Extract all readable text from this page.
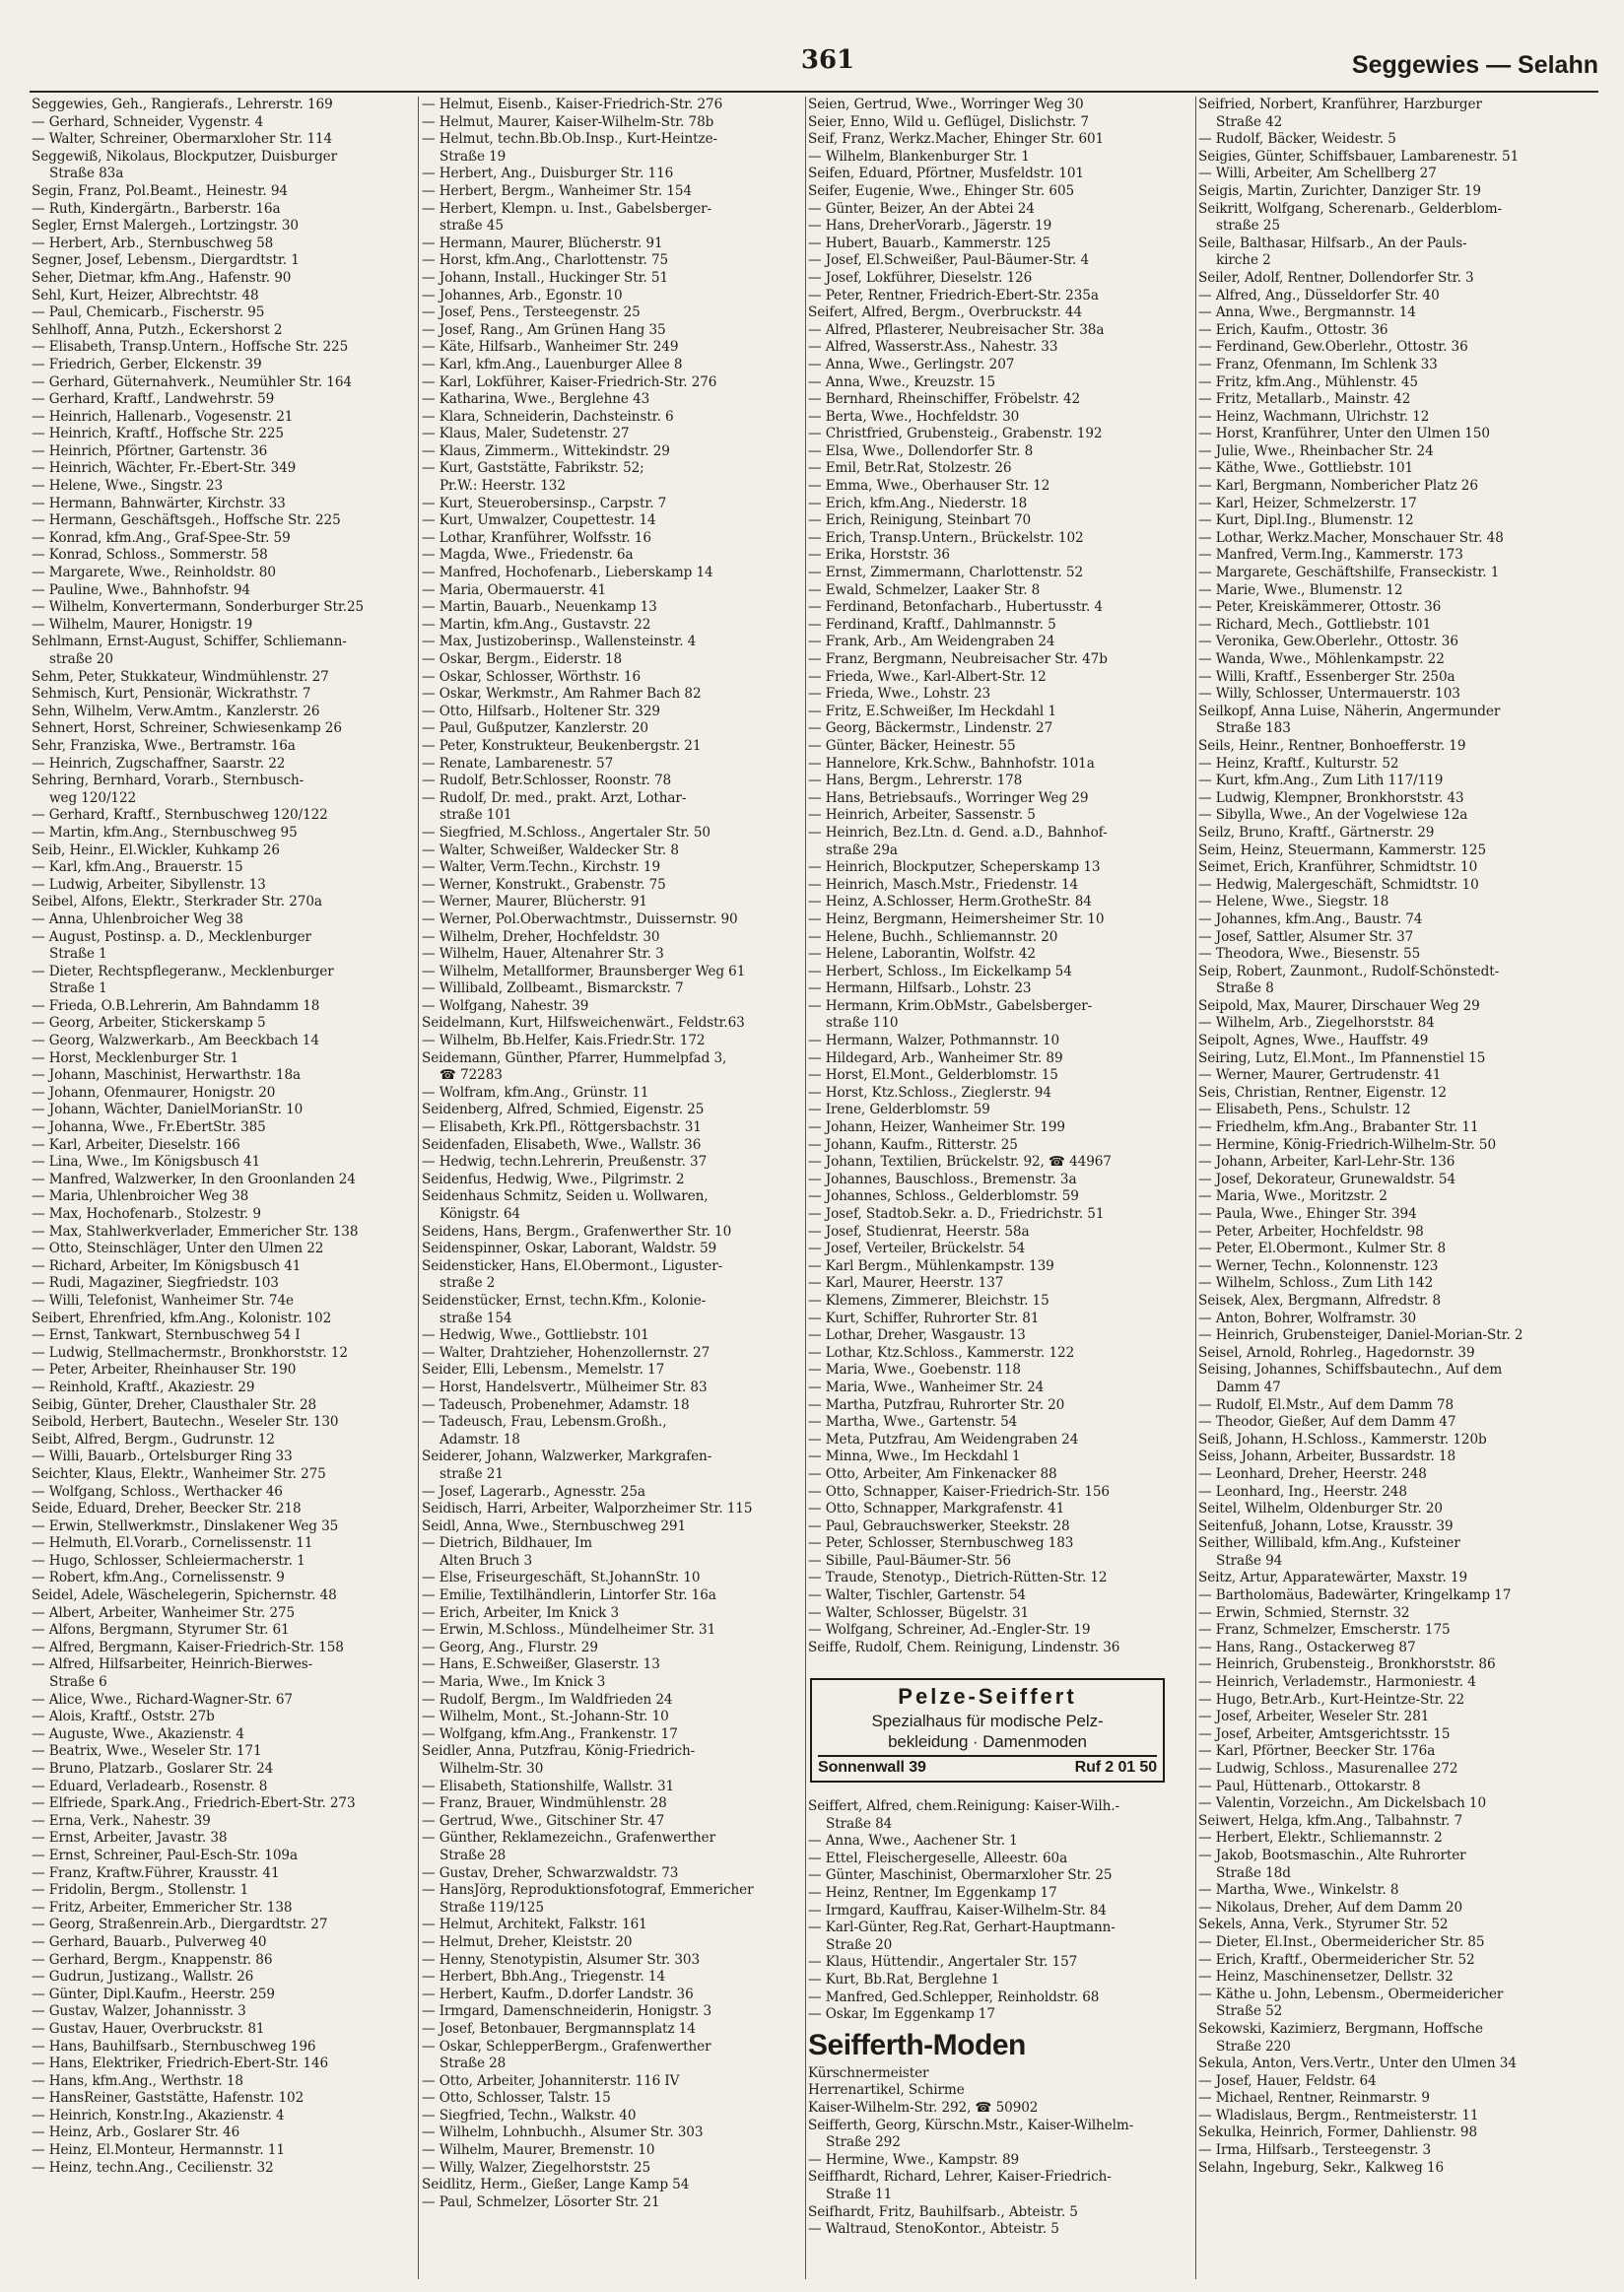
361	Seggewies — Selahn
Seggewies, Geh., Rangierafs., Lehrerstr. 169
— Gerhard, Schneider, Vygenstr. 4
— Walter, Schreiner, Obermarxloher Str. 114
Seggewiß, Nikolaus, Blockputzer, Duisburger
Straße 83a
Segin, Franz, Pol.Beamt., Heinestr. 94
— Ruth, Kindergärtn., Barberstr. 16a
Segler, Ernst Malergeh., Lortzingstr. 30
— Herbert, Arb., Sternbuschweg 58
Segner, Josef, Lebensm., Diergardtstr. 1
Seher, Dietmar, kfm.Ang., Hafenstr. 90
Sehl, Kurt, Heizer, Albrechtstr. 48
— Paul, Chemicarb., Fischerstr. 95
Sehlhoff, Anna, Putzh., Eckershorst 2
— Elisabeth, Transp.Untern., Hoffsche Str. 225
— Friedrich, Gerber, Elckenstr. 39
— Gerhard, Güternahverk., Neumühler Str. 164
— Gerhard, Kraftf., Landwehrstr. 59
— Heinrich, Hallenarb., Vogesenstr. 21
— Heinrich, Kraftf., Hoffsche Str. 225
— Heinrich, Pförtner, Gartenstr. 36
— Heinrich, Wächter, Fr.-Ebert-Str. 349
— Helene, Wwe., Singstr. 23
— Hermann, Bahnwärter, Kirchstr. 33
— Hermann, Geschäftsgeh., Hoffsche Str. 225
— Konrad, kfm.Ang., Graf-Spee-Str. 59
— Konrad, Schloss., Sommerstr. 58
— Margarete, Wwe., Reinholdstr. 80
— Pauline, Wwe., Bahnhofstr. 94
— Wilhelm, Konvertermann, Sonderburger Str.25
— Wilhelm, Maurer, Honigstr. 19
Sehlmann, Ernst-August, Schiffer, Schliemann-
straße 20
Sehm, Peter, Stukkateur, Windmühlenstr. 27
Sehmisch, Kurt, Pensionär, Wickrathstr. 7
Sehn, Wilhelm, Verw.Amtm., Kanzlerstr. 26
Sehnert, Horst, Schreiner, Schwiesenkamp 26
Sehr, Franziska, Wwe., Bertramstr. 16a
— Heinrich, Zugschaffner, Saarstr. 22
Sehring, Bernhard, Vorarb., Sternbusch-
weg 120/122
— Gerhard, Kraftf., Sternbuschweg 120/122
— Martin, kfm.Ang., Sternbuschweg 95
Seib, Heinr., El.Wickler, Kuhkamp 26
— Karl, kfm.Ang., Brauerstr. 15
— Ludwig, Arbeiter, Sibyllenstr. 13
Seibel, Alfons, Elektr., Sterkrader Str. 270a
— Anna, Uhlenbroicher Weg 38
— August, Postinsp. a. D., Mecklenburger
Straße 1
— Dieter, Rechtspflegeranw., Mecklenburger
Straße 1
— Frieda, O.B.Lehrerin, Am Bahndamm 18
— Georg, Arbeiter, Stickerskamp 5
— Georg, Walzwerkarb., Am Beeckbach 14
— Horst, Mecklenburger Str. 1
— Johann, Maschinist, Herwarthstr. 18a
— Johann, Ofenmaurer, Honigstr. 20
— Johann, Wächter, DanielMorianStr. 10
— Johanna, Wwe., Fr.EbertStr. 385
— Karl, Arbeiter, Dieselstr. 166
— Lina, Wwe., Im Königsbusch 41
— Manfred, Walzwerker, In den Groonlanden 24
— Maria, Uhlenbroicher Weg 38
— Max, Hochofenarb., Stolzestr. 9
— Max, Stahlwerkverlader, Emmericher Str. 138
— Otto, Steinschläger, Unter den Ulmen 22
— Richard, Arbeiter, Im Königsbusch 41
— Rudi, Magaziner, Siegfriedstr. 103
— Willi, Telefonist, Wanheimer Str. 74e
Seibert, Ehrenfried, kfm.Ang., Kolonistr. 102
— Ernst, Tankwart, Sternbuschweg 54 I
— Ludwig, Stellmachermstr., Bronkhorststr. 12
— Peter, Arbeiter, Rheinhauser Str. 190
— Reinhold, Kraftf., Akaziestr. 29
Seibig, Günter, Dreher, Clausthaler Str. 28
Seibold, Herbert, Bautechn., Weseler Str. 130
Seibt, Alfred, Bergm., Gudrunstr. 12
— Willi, Bauarb., Ortelsburger Ring 33
Seichter, Klaus, Elektr., Wanheimer Str. 275
— Wolfgang, Schloss., Werthacker 46
Seide, Eduard, Dreher, Beecker Str. 218
— Erwin, Stellwerkmstr., Dinslakener Weg 35
— Helmuth, El.Vorarb., Cornelissenstr. 11
— Hugo, Schlosser, Schleiermacherstr. 1
— Robert, kfm.Ang., Cornelissenstr. 9
Seidel, Adele, Wäschelegerin, Spichernstr. 48
— Albert, Arbeiter, Wanheimer Str. 275
— Alfons, Bergmann, Styrumer Str. 61
— Alfred, Bergmann, Kaiser-Friedrich-Str. 158
— Alfred, Hilfsarbeiter, Heinrich-Bierwes-
Straße 6
— Alice, Wwe., Richard-Wagner-Str. 67
— Alois, Kraftf., Oststr. 27b
— Auguste, Wwe., Akazienstr. 4
— Beatrix, Wwe., Weseler Str. 171
— Bruno, Platzarb., Goslarer Str. 24
— Eduard, Verladearb., Rosenstr. 8
— Elfriede, Spark.Ang., Friedrich-Ebert-Str. 273
— Erna, Verk., Nahestr. 39
— Ernst, Arbeiter, Javastr. 38
— Ernst, Schreiner, Paul-Esch-Str. 109a
— Franz, Kraftw.Führer, Krausstr. 41
— Fridolin, Bergm., Stollenstr. 1
— Fritz, Arbeiter, Emmericher Str. 138
— Georg, Straßenrein.Arb., Diergardtstr. 27
— Gerhard, Bauarb., Pulverweg 40
— Gerhard, Bergm., Knappenstr. 86
— Gudrun, Justizang., Wallstr. 26
— Günter, Dipl.Kaufm., Heerstr. 259
— Gustav, Walzer, Johannisstr. 3
— Gustav, Hauer, Overbruckstr. 81
— Hans, Bauhilfsarb., Sternbuschweg 196
— Hans, Elektriker, Friedrich-Ebert-Str. 146
— Hans, kfm.Ang., Werthstr. 18
— HansReiner, Gaststätte, Hafenstr. 102
— Heinrich, Konstr.Ing., Akazienstr. 4
— Heinz, Arb., Goslarer Str. 46
— Heinz, El.Monteur, Hermannstr. 11
— Heinz, techn.Ang., Cecilienstr. 32
— Helmut, Eisenb., Kaiser-Friedrich-Str. 276
— Helmut, Maurer, Kaiser-Wilhelm-Str. 78b
— Helmut, techn.Bb.Ob.Insp., Kurt-Heintze-
Straße 19
— Herbert, Ang., Duisburger Str. 116
— Herbert, Bergm., Wanheimer Str. 154
— Herbert, Klempn. u. Inst., Gabelsberger-
straße 45
— Hermann, Maurer, Blücherstr. 91
— Horst, kfm.Ang., Charlottenstr. 75
— Johann, Install., Huckinger Str. 51
— Johannes, Arb., Egonstr. 10
— Josef, Pens., Tersteegenstr. 25
— Josef, Rang., Am Grünen Hang 35
— Käte, Hilfsarb., Wanheimer Str. 249
— Karl, kfm.Ang., Lauenburger Allee 8
— Karl, Lokführer, Kaiser-Friedrich-Str. 276
— Katharina, Wwe., Berglehne 43
— Klara, Schneiderin, Dachsteinstr. 6
— Klaus, Maler, Sudetenstr. 27
— Klaus, Zimmerm., Wittekindstr. 29
— Kurt, Gaststätte, Fabrikstr. 52;
Pr.W.: Heerstr. 132
— Kurt, Steuerobersinsp., Carpstr. 7
— Kurt, Umwalzer, Coupettestr. 14
— Lothar, Kranführer, Wolfsstr. 16
— Magda, Wwe., Friedenstr. 6a
— Manfred, Hochofenarb., Lieberskamp 14
— Maria, Obermauerstr. 41
— Martin, Bauarb., Neuenkamp 13
— Martin, kfm.Ang., Gustavstr. 22
— Max, Justizoberinsp., Wallensteinstr. 4
— Oskar, Bergm., Eiderstr. 18
— Oskar, Schlosser, Wörthstr. 16
— Oskar, Werkmstr., Am Rahmer Bach 82
— Otto, Hilfsarb., Holtener Str. 329
— Paul, Gußputzer, Kanzlerstr. 20
— Peter, Konstrukteur, Beukenbergstr. 21
— Renate, Lambarenestr. 57
— Rudolf, Betr.Schlosser, Roonstr. 78
— Rudolf, Dr. med., prakt. Arzt, Lothar-
straße 101
— Siegfried, M.Schloss., Angertaler Str. 50
— Walter, Schweißer, Waldecker Str. 8
— Walter, Verm.Techn., Kirchstr. 19
— Werner, Konstrukt., Grabenstr. 75
— Werner, Maurer, Blücherstr. 91
— Werner, Pol.Oberwachtmstr., Duissernstr. 90
— Wilhelm, Dreher, Hochfeldstr. 30
— Wilhelm, Hauer, Altenahrer Str. 3
— Wilhelm, Metallformer, Braunsberger Weg 61
— Willibald, Zollbeamt., Bismarckstr. 7
— Wolfgang, Nahestr. 39
Seidelmann, Kurt, Hilfsweichenwärt., Feldstr.63
— Wilhelm, Bb.Helfer, Kais.Friedr.Str. 172
Seidemann, Günther, Pfarrer, Hummelpfad 3,
☎ 72283
— Wolfram, kfm.Ang., Grünstr. 11
Seidenberg, Alfred, Schmied, Eigenstr. 25
— Elisabeth, Krk.Pfl., Röttgersbachstr. 31
Seidenfaden, Elisabeth, Wwe., Wallstr. 36
— Hedwig, techn.Lehrerin, Preußenstr. 37
Seidenfus, Hedwig, Wwe., Pilgrimstr. 2
Seidenhaus Schmitz, Seiden u. Wollwaren,
Königstr. 64
Seidens, Hans, Bergm., Grafenwerther Str. 10
Seidenspinner, Oskar, Laborant, Waldstr. 59
Seidensticker, Hans, El.Obermont., Liguster-
straße 2
Seidenstücker, Ernst, techn.Kfm., Kolonie-
straße 154
— Hedwig, Wwe., Gottliebstr. 101
— Walter, Drahtzieher, Hohenzollernstr. 27
Seider, Elli, Lebensm., Memelstr. 17
— Horst, Handelsvertr., Mülheimer Str. 83
— Tadeusch, Probenehmer, Adamstr. 18
— Tadeusch, Frau, Lebensm.Großh.,
Adamstr. 18
Seiderer, Johann, Walzwerker, Markgrafen-
straße 21
— Josef, Lagerarb., Agnesstr. 25a
Seidisch, Harri, Arbeiter, Walporzheimer Str. 115
Seidl, Anna, Wwe., Sternbuschweg 291
— Dietrich, Bildhauer, Im
Alten Bruch 3
— Else, Friseurgeschäft, St.JohannStr. 10
— Emilie, Textilhändlerin, Lintorfer Str. 16a
— Erich, Arbeiter, Im Knick 3
— Erwin, M.Schloss., Mündelheimer Str. 31
— Georg, Ang., Flurstr. 29
— Hans, E.Schweißer, Glaserstr. 13
— Maria, Wwe., Im Knick 3
— Rudolf, Bergm., Im Waldfrieden 24
— Wilhelm, Mont., St.-Johann-Str. 10
— Wolfgang, kfm.Ang., Frankenstr. 17
Seidler, Anna, Putzfrau, König-Friedrich-
Wilhelm-Str. 30
— Elisabeth, Stationshilfe, Wallstr. 31
— Franz, Brauer, Windmühlenstr. 28
— Gertrud, Wwe., Gitschiner Str. 47
— Günther, Reklamezeichn., Grafenwerther
Straße 28
— Gustav, Dreher, Schwarzwaldstr. 73
— HansJörg, Reproduktionsfotograf, Emmericher
Straße 119/125
— Helmut, Architekt, Falkstr. 161
— Helmut, Dreher, Kleiststr. 20
— Henny, Stenotypistin, Alsumer Str. 303
— Herbert, Bbh.Ang., Triegenstr. 14
— Herbert, Kaufm., D.dorfer Landstr. 36
— Irmgard, Damenschneiderin, Honigstr. 3
— Josef, Betonbauer, Bergmannsplatz 14
— Oskar, SchlepperBergm., Grafenwerther
Straße 28
— Otto, Arbeiter, Johanniterstr. 116 IV
— Otto, Schlosser, Talstr. 15
— Siegfried, Techn., Walkstr. 40
— Wilhelm, Lohnbuchh., Alsumer Str. 303
— Wilhelm, Maurer, Bremenstr. 10
— Willy, Walzer, Ziegelhorststr. 25
Seidlitz, Herm., Gießer, Lange Kamp 54
— Paul, Schmelzer, Lösorter Str. 21
Seien, Gertrud, Wwe., Worringer Weg 30
Seier, Enno, Wild u. Geflügel, Dislichstr. 7
Seif, Franz, Werkz.Macher, Ehinger Str. 601
— Wilhelm, Blankenburger Str. 1
Seifen, Eduard, Pförtner, Musfeldstr. 101
Seifer, Eugenie, Wwe., Ehinger Str. 605
— Günter, Beizer, An der Abtei 24
— Hans, DreherVorarb., Jägerstr. 19
— Hubert, Bauarb., Kammerstr. 125
— Josef, El.Schweißer, Paul-Bäumer-Str. 4
— Josef, Lokführer, Dieselstr. 126
— Peter, Rentner, Friedrich-Ebert-Str. 235a
Seifert, Alfred, Bergm., Overbruckstr. 44
— Alfred, Pflasterer, Neubreisacher Str. 38a
— Alfred, Wasserstr.Ass., Nahestr. 33
— Anna, Wwe., Gerlingstr. 207
— Anna, Wwe., Kreuzstr. 15
— Bernhard, Rheinschiffer, Fröbelstr. 42
— Berta, Wwe., Hochfeldstr. 30
— Christfried, Grubensteig., Grabenstr. 192
— Elsa, Wwe., Dollendorfer Str. 8
— Emil, Betr.Rat, Stolzestr. 26
— Emma, Wwe., Oberhauser Str. 12
— Erich, kfm.Ang., Niederstr. 18
— Erich, Reinigung, Steinbart 70
— Erich, Transp.Untern., Brückelstr. 102
— Erika, Horststr. 36
— Ernst, Zimmermann, Charlottenstr. 52
— Ewald, Schmelzer, Laaker Str. 8
— Ferdinand, Betonfacharb., Hubertusstr. 4
— Ferdinand, Kraftf., Dahlmannstr. 5
— Frank, Arb., Am Weidengraben 24
— Franz, Bergmann, Neubreisacher Str. 47b
— Frieda, Wwe., Karl-Albert-Str. 12
— Frieda, Wwe., Lohstr. 23
— Fritz, E.Schweißer, Im Heckdahl 1
— Georg, Bäckermstr., Lindenstr. 27
— Günter, Bäcker, Heinestr. 55
— Hannelore, Krk.Schw., Bahnhofstr. 101a
— Hans, Bergm., Lehrerstr. 178
— Hans, Betriebsaufs., Worringer Weg 29
— Heinrich, Arbeiter, Sassenstr. 5
— Heinrich, Bez.Ltn. d. Gend. a.D., Bahnhof-
straße 29a
— Heinrich, Blockputzer, Scheperskamp 13
— Heinrich, Masch.Mstr., Friedenstr. 14
— Heinz, A.Schlosser, Herm.GrotheStr. 84
— Heinz, Bergmann, Heimersheimer Str. 10
— Helene, Buchh., Schliemannstr. 20
— Helene, Laborantin, Wolfstr. 42
— Herbert, Schloss., Im Eickelkamp 54
— Hermann, Hilfsarb., Lohstr. 23
— Hermann, Krim.ObMstr., Gabelsberger-
straße 110
— Hermann, Walzer, Pothmannstr. 10
— Hildegard, Arb., Wanheimer Str. 89
— Horst, El.Mont., Gelderblomstr. 15
— Horst, Ktz.Schloss., Zieglerstr. 94
— Irene, Gelderblomstr. 59
— Johann, Heizer, Wanheimer Str. 199
— Johann, Kaufm., Ritterstr. 25
— Johann, Textilien, Brückelstr. 92, ☎ 44967
— Johannes, Bauschloss., Bremenstr. 3a
— Johannes, Schloss., Gelderblomstr. 59
— Josef, Stadtob.Sekr. a. D., Friedrichstr. 51
— Josef, Studienrat, Heerstr. 58a
— Josef, Verteiler, Brückelstr. 54
— Karl Bergm., Mühlenkampstr. 139
— Karl, Maurer, Heerstr. 137
— Klemens, Zimmerer, Bleichstr. 15
— Kurt, Schiffer, Ruhrorter Str. 81
— Lothar, Dreher, Wasgaustr. 13
— Lothar, Ktz.Schloss., Kammerstr. 122
— Maria, Wwe., Goebenstr. 118
— Maria, Wwe., Wanheimer Str. 24
— Martha, Putzfrau, Ruhrorter Str. 20
— Martha, Wwe., Gartenstr. 54
— Meta, Putzfrau, Am Weidengraben 24
— Minna, Wwe., Im Heckdahl 1
— Otto, Arbeiter, Am Finkenacker 88
— Otto, Schnapper, Kaiser-Friedrich-Str. 156
— Otto, Schnapper, Markgrafenstr. 41
— Paul, Gebrauchswerker, Steekstr. 28
— Peter, Schlosser, Sternbuschweg 183
— Sibille, Paul-Bäumer-Str. 56
— Traude, Stenotyp., Dietrich-Rütten-Str. 12
— Walter, Tischler, Gartenstr. 54
— Walter, Schlosser, Bügelstr. 31
— Wolfgang, Schreiner, Ad.-Engler-Str. 19
Seiffe, Rudolf, Chem. Reinigung, Lindenstr. 36
Pelze-Seiffert
Spezialhaus für modische Pelz-
bekleidung · Damenmoden
Sonnenwall 39	Ruf 2 01 50
Seiffert, Alfred, chem.Reinigung: Kaiser-Wilh.-
Straße 84
— Anna, Wwe., Aachener Str. 1
— Ettel, Fleischergeselle, Alleestr. 60a
— Günter, Maschinist, Obermarxloher Str. 25
— Heinz, Rentner, Im Eggenkamp 17
— Irmgard, Kauffrau, Kaiser-Wilhelm-Str. 84
— Karl-Günter, Reg.Rat, Gerhart-Hauptmann-
Straße 20
— Klaus, Hüttendir., Angertaler Str. 157
— Kurt, Bb.Rat, Berglehne 1
— Manfred, Ged.Schlepper, Reinholdstr. 68
— Oskar, Im Eggenkamp 17
Seifferth-Moden
Kürschnermeister
Herrenartikel, Schirme
Kaiser-Wilhelm-Str. 292, ☎ 50902
Seifferth, Georg, Kürschn.Mstr., Kaiser-Wilhelm-
Straße 292
— Hermine, Wwe., Kampstr. 89
Seiffhardt, Richard, Lehrer, Kaiser-Friedrich-
Straße 11
Seifhardt, Fritz, Bauhilfsarb., Abteistr. 5
— Waltraud, StenoKontor., Abteistr. 5
Seifried, Norbert, Kranführer, Harzburger
Straße 42
— Rudolf, Bäcker, Weidestr. 5
Seigies, Günter, Schiffsbauer, Lambarenestr. 51
— Willi, Arbeiter, Am Schellberg 27
Seigis, Martin, Zurichter, Danziger Str. 19
Seikritt, Wolfgang, Scherenarb., Gelderblom-
straße 25
Seile, Balthasar, Hilfsarb., An der Pauls-
kirche 2
Seiler, Adolf, Rentner, Dollendorfer Str. 3
— Alfred, Ang., Düsseldorfer Str. 40
— Anna, Wwe., Bergmannstr. 14
— Erich, Kaufm., Ottostr. 36
— Ferdinand, Gew.Oberlehr., Ottostr. 36
— Franz, Ofenmann, Im Schlenk 33
— Fritz, kfm.Ang., Mühlenstr. 45
— Fritz, Metallarb., Mainstr. 42
— Heinz, Wachmann, Ulrichstr. 12
— Horst, Kranführer, Unter den Ulmen 150
— Julie, Wwe., Rheinbacher Str. 24
— Käthe, Wwe., Gottliebstr. 101
— Karl, Bergmann, Nombericher Platz 26
— Karl, Heizer, Schmelzerstr. 17
— Kurt, Dipl.Ing., Blumenstr. 12
— Lothar, Werkz.Macher, Monschauer Str. 48
— Manfred, Verm.Ing., Kammerstr. 173
— Margarete, Geschäftshilfe, Franseckistr. 1
— Marie, Wwe., Blumenstr. 12
— Peter, Kreiskämmerer, Ottostr. 36
— Richard, Mech., Gottliebstr. 101
— Veronika, Gew.Oberlehr., Ottostr. 36
— Wanda, Wwe., Möhlenkampstr. 22
— Willi, Kraftf., Essenberger Str. 250a
— Willy, Schlosser, Untermauerstr. 103
Seilkopf, Anna Luise, Näherin, Angermunder
Straße 183
Seils, Heinr., Rentner, Bonhoefferstr. 19
— Heinz, Kraftf., Kulturstr. 52
— Kurt, kfm.Ang., Zum Lith 117/119
— Ludwig, Klempner, Bronkhorststr. 43
— Sibylla, Wwe., An der Vogelwiese 12a
Seilz, Bruno, Kraftf., Gärtnerstr. 29
Seim, Heinz, Steuermann, Kammerstr. 125
Seimet, Erich, Kranführer, Schmidtstr. 10
— Hedwig, Malergeschäft, Schmidtstr. 10
— Helene, Wwe., Siegstr. 18
— Johannes, kfm.Ang., Baustr. 74
— Josef, Sattler, Alsumer Str. 37
— Theodora, Wwe., Biesenstr. 55
Seip, Robert, Zaunmont., Rudolf-Schönstedt-
Straße 8
Seipold, Max, Maurer, Dirschauer Weg 29
— Wilhelm, Arb., Ziegelhorststr. 84
Seipolt, Agnes, Wwe., Hauffstr. 49
Seiring, Lutz, El.Mont., Im Pfannenstiel 15
— Werner, Maurer, Gertrudenstr. 41
Seis, Christian, Rentner, Eigenstr. 12
— Elisabeth, Pens., Schulstr. 12
— Friedhelm, kfm.Ang., Brabanter Str. 11
— Hermine, König-Friedrich-Wilhelm-Str. 50
— Johann, Arbeiter, Karl-Lehr-Str. 136
— Josef, Dekorateur, Grunewaldstr. 54
— Maria, Wwe., Moritzstr. 2
— Paula, Wwe., Ehinger Str. 394
— Peter, Arbeiter, Hochfeldstr. 98
— Peter, El.Obermont., Kulmer Str. 8
— Werner, Techn., Kolonnenstr. 123
— Wilhelm, Schloss., Zum Lith 142
Seisek, Alex, Bergmann, Alfredstr. 8
— Anton, Bohrer, Wolframstr. 30
— Heinrich, Grubensteiger, Daniel-Morian-Str. 2
Seisel, Arnold, Rohrleg., Hagedornstr. 39
Seising, Johannes, Schiffsbautechn., Auf dem
Damm 47
— Rudolf, El.Mstr., Auf dem Damm 78
— Theodor, Gießer, Auf dem Damm 47
Seiß, Johann, H.Schloss., Kammerstr. 120b
Seiss, Johann, Arbeiter, Bussardstr. 18
— Leonhard, Dreher, Heerstr. 248
— Leonhard, Ing., Heerstr. 248
Seitel, Wilhelm, Oldenburger Str. 20
Seitenfuß, Johann, Lotse, Krausstr. 39
Seither, Willibald, kfm.Ang., Kufsteiner
Straße 94
Seitz, Artur, Apparatewärter, Maxstr. 19
— Bartholomäus, Badewärter, Kringelkamp 17
— Erwin, Schmied, Sternstr. 32
— Franz, Schmelzer, Emscherstr. 175
— Hans, Rang., Ostackerweg 87
— Heinrich, Grubensteig., Bronkhorststr. 86
— Heinrich, Verlademstr., Harmoniestr. 4
— Hugo, Betr.Arb., Kurt-Heintze-Str. 22
— Josef, Arbeiter, Weseler Str. 281
— Josef, Arbeiter, Amtsgerichtsstr. 15
— Karl, Pförtner, Beecker Str. 176a
— Ludwig, Schloss., Masurenallee 272
— Paul, Hüttenarb., Ottokarstr. 8
— Valentin, Vorzeichn., Am Dickelsbach 10
Seiwert, Helga, kfm.Ang., Talbahnstr. 7
— Herbert, Elektr., Schliemannstr. 2
— Jakob, Bootsmaschin., Alte Ruhrorter
Straße 18d
— Martha, Wwe., Winkelstr. 8
— Nikolaus, Dreher, Auf dem Damm 20
Sekels, Anna, Verk., Styrumer Str. 52
— Dieter, El.Inst., Obermeidericher Str. 85
— Erich, Kraftf., Obermeidericher Str. 52
— Heinz, Maschinensetzer, Dellstr. 32
— Käthe u. John, Lebensm., Obermeidericher
Straße 52
Sekowski, Kazimierz, Bergmann, Hoffsche
Straße 220
Sekula, Anton, Vers.Vertr., Unter den Ulmen 34
— Josef, Hauer, Feldstr. 64
— Michael, Rentner, Reinmarstr. 9
— Wladislaus, Bergm., Rentmeisterstr. 11
Sekulka, Heinrich, Former, Dahlienstr. 98
— Irma, Hilfsarb., Tersteegenstr. 3
Selahn, Ingeburg, Sekr., Kalkweg 16
